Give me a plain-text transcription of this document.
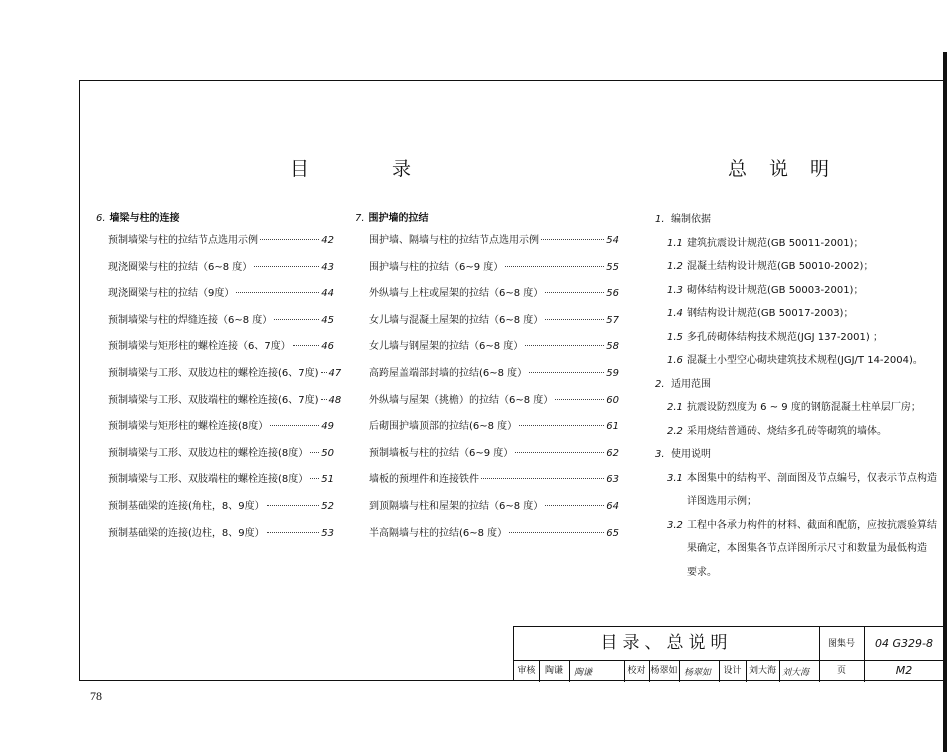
目	录	总说明
6. 墙梁与柱的连接
预制墙梁与柱的拉结节点选用示例	42
现浇圈梁与柱的拉结（6~8 度）	43
现浇圈梁与柱的拉结（9度）	44
预制墙梁与柱的焊缝连接（6~8 度）	45
预制墙梁与矩形柱的螺栓连接（6、7度）	46
预制墙梁与工形、双肢边柱的螺栓连接(6、7度) 47
预制墙梁与工形、双肢端柱的螺栓连接(6、7度) 48
预制墙梁与矩形柱的螺栓连接(8度）	49
预制墙梁与工形、双肢边柱的螺栓连接(8度） 50
预制墙梁与工形、双肢端柱的螺栓连接(8度） 51
预制基础梁的连接(角柱，8、9度）	52
预制基础梁的连接(边柱，8、9度）	53
7. 围护墙的拉结
围护墙、隔墙与柱的拉结节点选用示例	54
围护墙与柱的拉结（6~9 度）	55
外纵墙与上柱或屋架的拉结（6~8 度）	56
女儿墙与混凝土屋架的拉结（6~8 度）	57
女儿墙与钢屋架的拉结（6~8 度）	58
高跨屋盖端部封墙的拉结(6~8 度）	59
外纵墙与屋架（挑檐）的拉结（6~8 度）	60
后砌围护墙顶部的拉结(6~8 度）	61
预制墙板与柱的拉结（6~9 度）	62
墙板的预埋件和连接铁件	63
到顶隔墙与柱和屋架的拉结（6~8 度）	64
半高隔墙与柱的拉结(6~8 度）	65
1. 编制依据
1.1 建筑抗震设计规范(GB 50011-2001)；
1.2 混凝土结构设计规范(GB 50010-2002)；
1.3 砌体结构设计规范(GB 50003-2001)；
1.4 钢结构设计规范(GB 50017-2003)；
1.5 多孔砖砌体结构技术规范(JGJ 137-2001) ；
1.6 混凝土小型空心砌块建筑技术规程(JGJ/T 14-2004)。
2. 适用范围
2.1 抗震设防烈度为 6 ~ 9 度的钢筋混凝土柱单层厂房；
2.2 采用烧结普通砖、烧结多孔砖等砌筑的墙体。
3. 使用说明
3.1 本图集中的结构平、剖面图及节点编号，仅表示节点构造
详图选用示例；
3.2 工程中各承力构件的材料、截面和配筋，应按抗震验算结
果确定，本图集各节点详图所示尺寸和数量为最低构造
要求。
目录、总说明	图集号	04 G329-8
审核	陶谦	陶谦	校对 杨翠如 杨翠如	设计 刘大海 刘大海	页	M2
78
